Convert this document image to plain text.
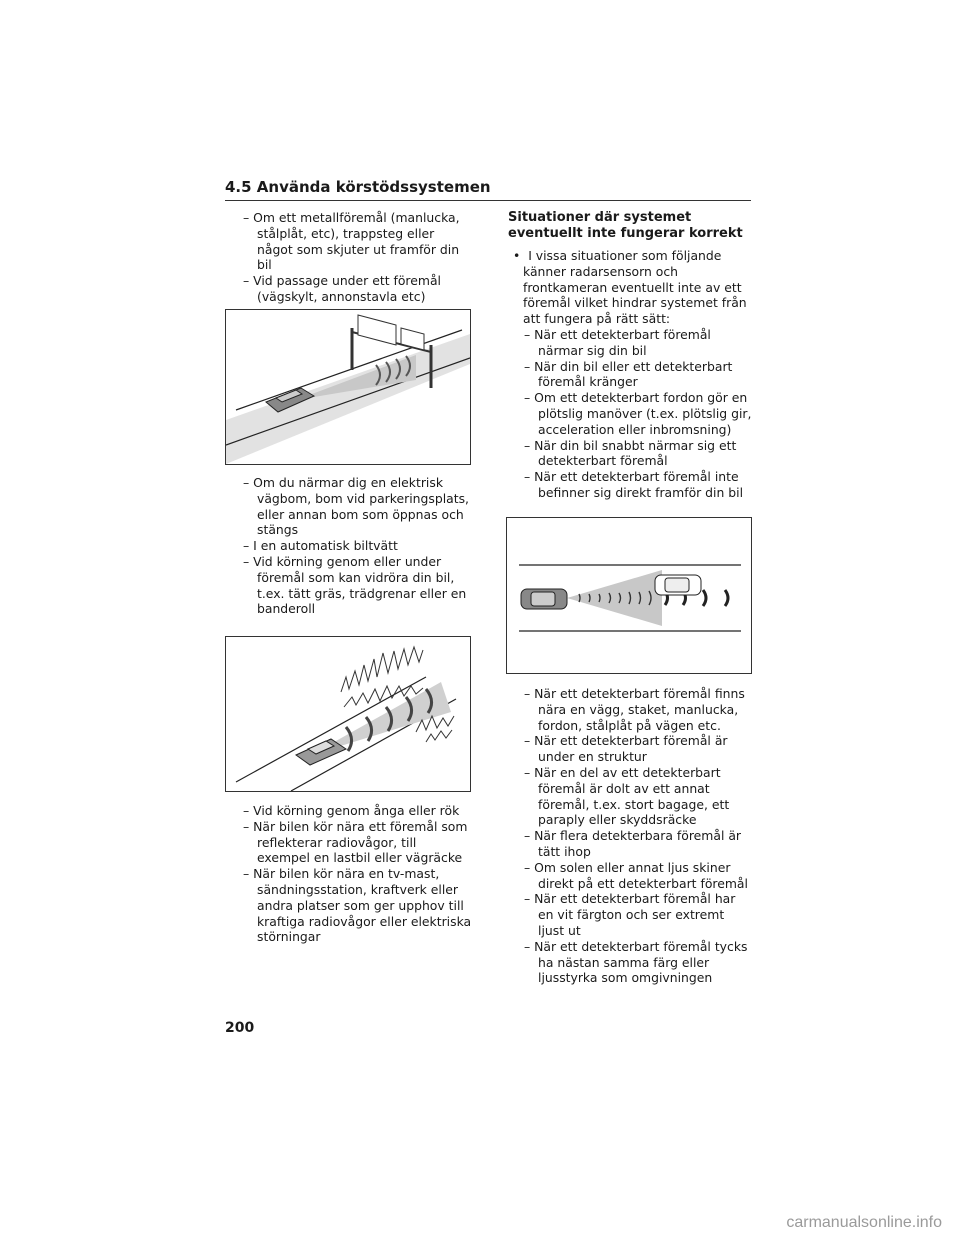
4.5 Använda körstödssystemen

– Om ett metallföremål (manlucka, stålplåt, etc), trappsteg eller något som skjuter ut framför din bil

– Vid passage under ett föremål (vägskylt, annonstavla etc)

– Om du närmar dig en elektrisk vägbom, bom vid parkeringsplats, eller annan bom som öppnas och stängs

– I en automatisk biltvätt

– Vid körning genom eller under föremål som kan vidröra din bil, t.ex. tätt gräs, trädgrenar eller en banderoll

– Vid körning genom ånga eller rök

– När bilen kör nära ett föremål som reflekterar radiovågor, till exempel en lastbil eller vägräcke

– När bilen kör nära en tv-mast, sändningsstation, kraftverk eller andra platser som ger upphov till kraftiga radiovågor eller elektriska störningar

Situationer där systemet eventuellt inte fungerar korrekt

•  I vissa situationer som följande känner radarsensorn och frontkameran eventuellt inte av ett föremål vilket hindrar systemet från att fungera på rätt sätt:

– När ett detekterbart föremål närmar sig din bil

– När din bil eller ett detekterbart föremål kränger

– Om ett detekterbart fordon gör en plötslig manöver (t.ex. plötslig gir, acceleration eller inbromsning)

– När din bil snabbt närmar sig ett detekterbart föremål

– När ett detekterbart föremål inte befinner sig direkt framför din bil

– När ett detekterbart föremål finns nära en vägg, staket, manlucka, fordon, stålplåt på vägen etc.

– När ett detekterbart föremål är under en struktur

– När en del av ett detekterbart föremål är dolt av ett annat föremål, t.ex. stort bagage, ett paraply eller skyddsräcke

– När flera detekterbara föremål är tätt ihop

– Om solen eller annat ljus skiner direkt på ett detekterbart föremål

– När ett detekterbart föremål har en vit färgton och ser extremt ljust ut

– När ett detekterbart föremål tycks ha nästan samma färg eller ljusstyrka som omgivningen

200
carmanualsonline.info
